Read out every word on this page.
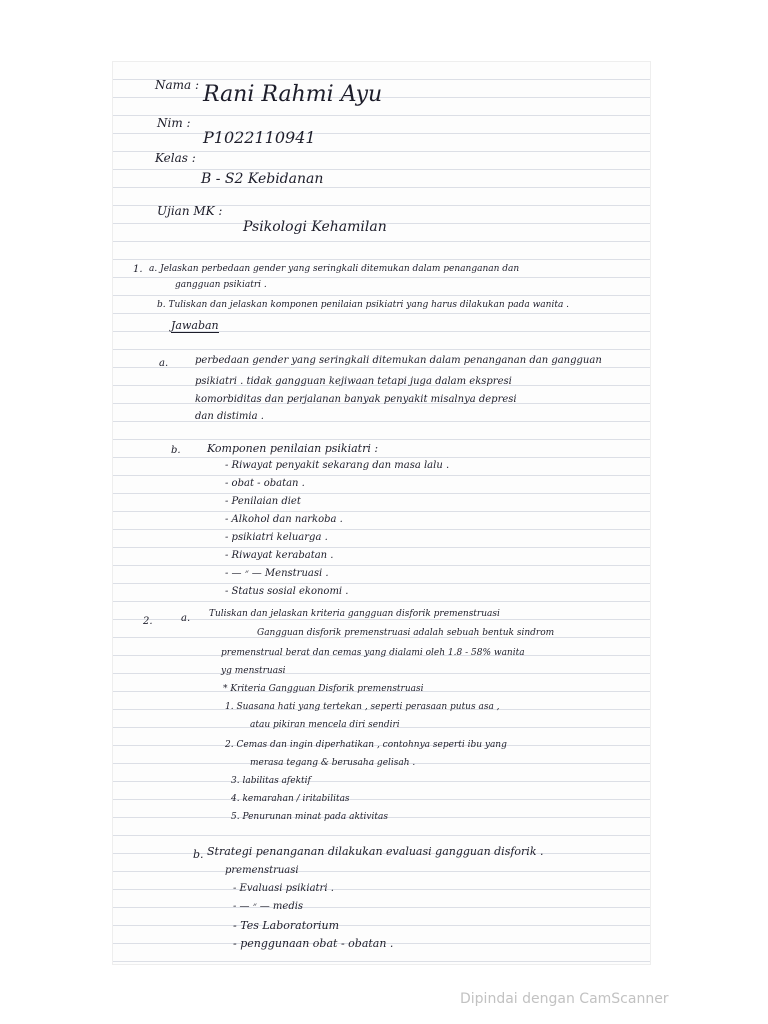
Nama : Rani Rahmi Ayu
Nim :
P1022110941
Kelas :
B - S2 Kebidanan
Ujian MK :
Psikologi Kehamilan
1. a. Jelaskan perbedaan gender yang seringkali ditemukan dalam penanganan dan
gangguan psikiatri .
b. Tuliskan dan jelaskan komponen penilaian psikiatri yang harus dilakukan pada wanita .
Jawaban
a.	perbedaan gender yang seringkali ditemukan dalam penanganan dan gangguan
psikiatri . tidak gangguan kejiwaan tetapi juga dalam ekspresi
komorbiditas dan perjalanan banyak penyakit misalnya depresi
dan distimia .
b. Komponen penilaian psikiatri :
- Riwayat penyakit sekarang dan masa lalu .
- obat - obatan .
- Penilaian diet
- Alkohol dan narkoba .
- psikiatri keluarga .
- Riwayat kerabatan .
- — ״ — Menstruasi .
- Status sosial ekonomi .
2.	a. Tuliskan dan jelaskan kriteria gangguan disforik premenstruasi
Gangguan disforik premenstruasi adalah sebuah bentuk sindrom
premenstrual berat dan cemas yang dialami oleh 1.8 - 58% wanita
yg menstruasi
* Kriteria Gangguan Disforik premenstruasi
1. Suasana hati yang tertekan , seperti perasaan putus asa ,
atau pikiran mencela diri sendiri
2. Cemas dan ingin diperhatikan , contohnya seperti ibu yang
merasa tegang & berusaha gelisah .
3. labilitas afektif
4. kemarahan / iritabilitas
5. Penurunan minat pada aktivitas
b. Strategi penanganan dilakukan evaluasi gangguan disforik .
premenstruasi
- Evaluasi psikiatri .
- — ״ — medis
- Tes Laboratorium
- penggunaan obat - obatan .
Dipindai dengan CamScanner
